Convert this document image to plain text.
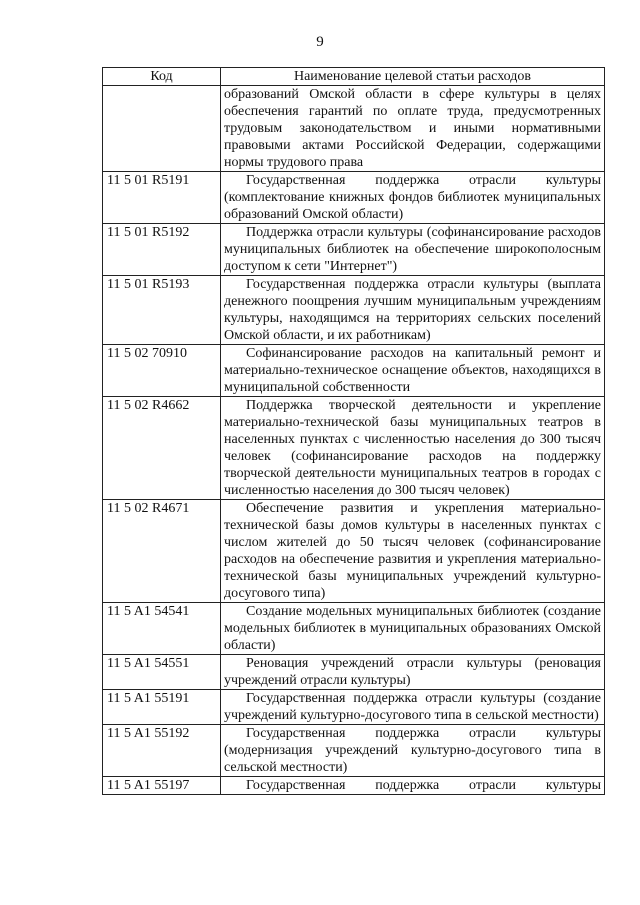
9
Код	Наименование целевой статьи расходов

	образований Омской области в сфере культуры в целях обеспечения гарантий по оплате труда, предусмотренных трудовым законодательством и иными нормативными правовыми актами Российской Федерации, содержащими нормы трудового права

11 5 01 R5191	Государственная поддержка отрасли культуры (комплектование книжных фондов библиотек муниципальных образований Омской области)

11 5 01 R5192	Поддержка отрасли культуры (софинансирование расходов муниципальных библиотек на обеспечение широкополосным доступом к сети "Интернет")

11 5 01 R5193	Государственная поддержка отрасли культуры (выплата денежного поощрения лучшим муниципальным учреждениям культуры, находящимся на территориях сельских поселений Омской области, и их работникам)

11 5 02 70910	Софинансирование расходов на капитальный ремонт и материально-техническое оснащение объектов, находящихся в муниципальной собственности

11 5 02 R4662	Поддержка творческой деятельности и укрепление материально-технической базы муниципальных театров в населенных пунктах с численностью населения до 300 тысяч человек (софинансирование расходов на поддержку творческой деятельности муниципальных театров в городах с численностью населения до 300 тысяч человек)

11 5 02 R4671	Обеспечение развития и укрепления материально-технической базы домов культуры в населенных пунктах с числом жителей до 50 тысяч человек (софинансирование расходов на обеспечение развития и укрепления материально-технической базы муниципальных учреждений культурно-досугового типа)

11 5 A1 54541	Создание модельных муниципальных библиотек (создание модельных библиотек в муниципальных образованиях Омской области)

11 5 A1 54551	Реновация учреждений отрасли культуры (реновация учреждений отрасли культуры)

11 5 A1 55191	Государственная поддержка отрасли культуры (создание учреждений культурно-досугового типа в сельской местности)

11 5 A1 55192	Государственная поддержка отрасли культуры (модернизация учреждений культурно-досугового типа в сельской местности)

11 5 A1 55197	Государственная поддержка отрасли культуры
